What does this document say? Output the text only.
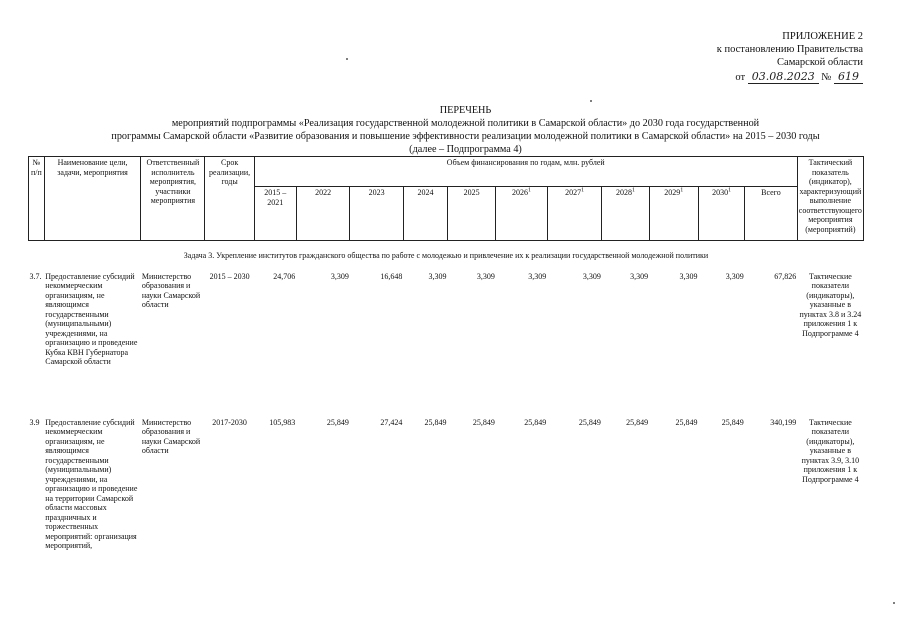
ПРИЛОЖЕНИЕ 2
к постановлению Правительства
Самарской области
от 03.08.2023 № 619
ПЕРЕЧЕНЬ
мероприятий подпрограммы «Реализация государственной молодежной политики в Самарской области» до 2030 года государственной
программы Самарской области «Развитие образования и повышение эффективности реализации молодежной политики в Самарской области» на 2015 – 2030 годы
(далее – Подпрограмма 4)
№ п/п	Наименование цели, задачи, мероприятия	Ответственный исполнитель мероприятия, участники мероприятия	Срок реализации, годы	Объем финансирования по годам, млн. рублей											Тактический показатель (индикатор), характеризующий выполнение соответствующего мероприятия (мероприятий)
				2015 – 2021	2022	2023	2024	2025	2026$^1$	2027$^1$	2028$^1$	2029$^1$	2030$^1$	Всего	
Задача 3. Укрепление институтов гражданского общества по работе с молодежью и привлечение их к реализации государственной молодежной политики															
3.7.	Предоставление субсидий некоммерческим организациям, не являющимся государственными (муниципальными) учреждениями, на организацию и проведение Кубка КВН Губернатора Самарской области	Министерство образования и науки Самарской области	2015 – 2030	24,706	3,309	16,648	3,309	3,309	3,309	3,309	3,309	3,309	3,309	67,826	Тактические показатели (индикаторы), указанные в пунктах 3.8 и 3.24 приложения 1 к Подпрограмме 4
3.9	Предоставление субсидий некоммерческим организациям, не являющимся государственными (муниципальными) учреждениями, на организацию и проведение на территории Самарской области массовых праздничных и торжественных мероприятий: организация мероприятий,	Министерство образования и науки Самарской области	2017-2030	105,983	25,849	27,424	25,849	25,849	25,849	25,849	25,849	25,849	25,849	340,199	Тактические показатели (индикаторы), указанные в пунктах 3.9, 3.10 приложения 1 к Подпрограмме 4
